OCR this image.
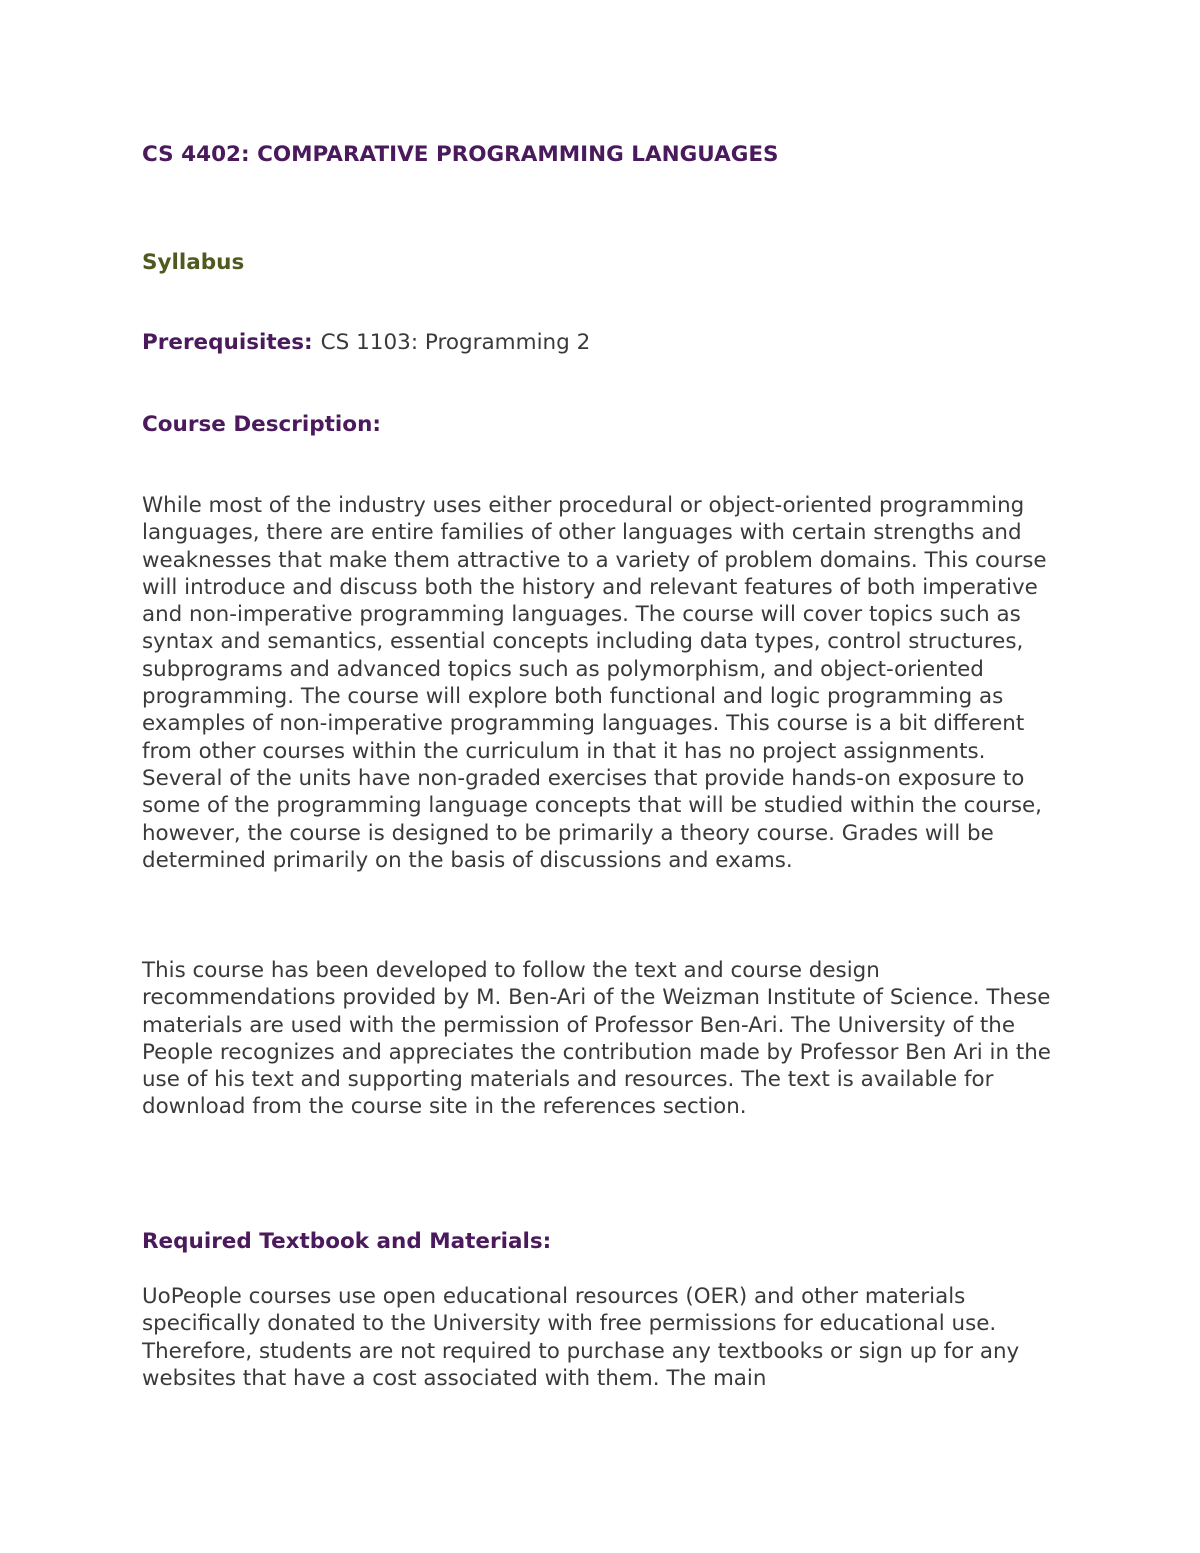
CS 4402: COMPARATIVE PROGRAMMING LANGUAGES
Syllabus

Prerequisites: CS 1103: Programming 2

Course Description:

While most of the industry uses either procedural or object-oriented programming languages, there are entire families of other languages with certain strengths and weaknesses that make them attractive to a variety of problem domains. This course will introduce and discuss both the history and relevant features of both imperative and non-imperative programming languages. The course will cover topics such as syntax and semantics, essential concepts including data types, control structures, subprograms and advanced topics such as polymorphism, and object-oriented programming. The course will explore both functional and logic programming as examples of non-imperative programming languages. This course is a bit different from other courses within the curriculum in that it has no project assignments. Several of the units have non-graded exercises that provide hands-on exposure to some of the programming language concepts that will be studied within the course, however, the course is designed to be primarily a theory course. Grades will be determined primarily on the basis of discussions and exams.

This course has been developed to follow the text and course design recommendations provided by M. Ben-Ari of the Weizman Institute of Science. These materials are used with the permission of Professor Ben-Ari. The University of the People recognizes and appreciates the contribution made by Professor Ben Ari in the use of his text and supporting materials and resources. The text is available for download from the course site in the references section.

Required Textbook and Materials:

UoPeople courses use open educational resources (OER) and other materials specifically donated to the University with free permissions for educational use. Therefore, students are not required to purchase any textbooks or sign up for any websites that have a cost associated with them. The main
